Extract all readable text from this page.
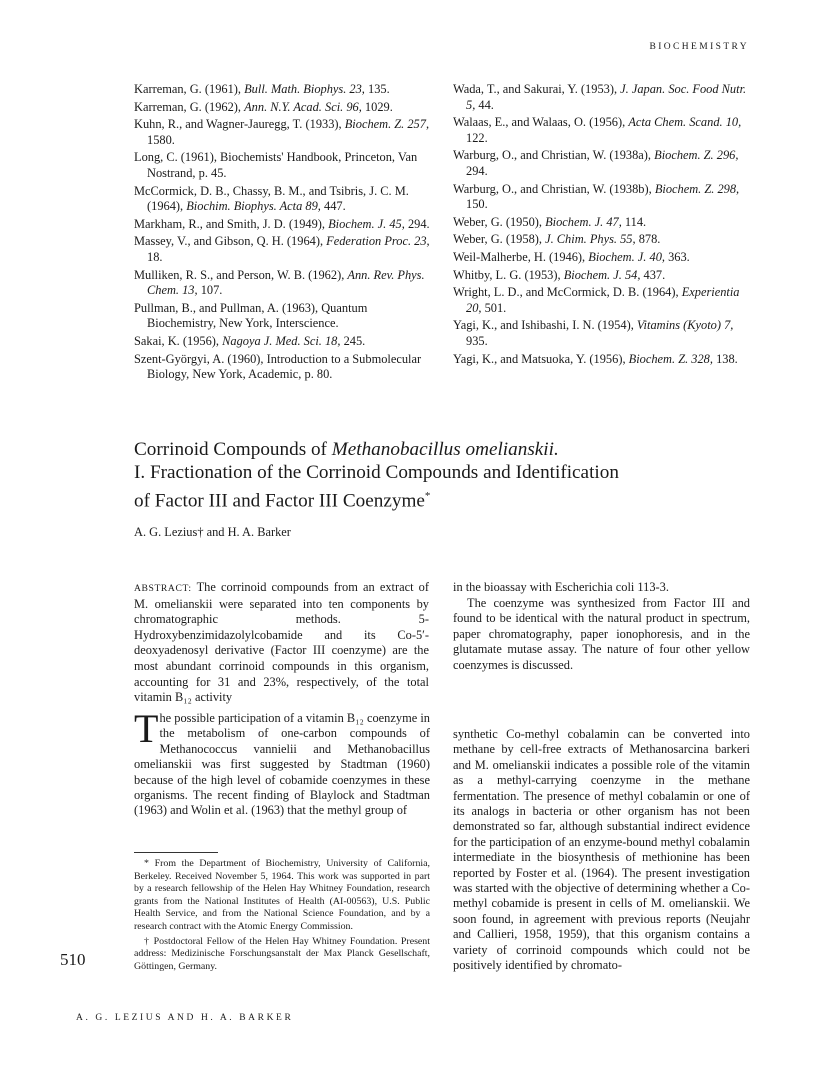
BIOCHEMISTRY

Karreman, G. (1961), Bull. Math. Biophys. 23, 135.

Karreman, G. (1962), Ann. N.Y. Acad. Sci. 96, 1029.

Kuhn, R., and Wagner-Jauregg, T. (1933), Biochem. Z. 257, 1580.

Long, C. (1961), Biochemists' Handbook, Princeton, Van Nostrand, p. 45.

McCormick, D. B., Chassy, B. M., and Tsibris, J. C. M. (1964), Biochim. Biophys. Acta 89, 447.

Markham, R., and Smith, J. D. (1949), Biochem. J. 45, 294.

Massey, V., and Gibson, Q. H. (1964), Federation Proc. 23, 18.

Mulliken, R. S., and Person, W. B. (1962), Ann. Rev. Phys. Chem. 13, 107.

Pullman, B., and Pullman, A. (1963), Quantum Biochemistry, New York, Interscience.

Sakai, K. (1956), Nagoya J. Med. Sci. 18, 245.

Szent-Györgyi, A. (1960), Introduction to a Submolecular Biology, New York, Academic, p. 80.

Wada, T., and Sakurai, Y. (1953), J. Japan. Soc. Food Nutr. 5, 44.

Walaas, E., and Walaas, O. (1956), Acta Chem. Scand. 10, 122.

Warburg, O., and Christian, W. (1938a), Biochem. Z. 296, 294.

Warburg, O., and Christian, W. (1938b), Biochem. Z. 298, 150.

Weber, G. (1950), Biochem. J. 47, 114.

Weber, G. (1958), J. Chim. Phys. 55, 878.

Weil-Malherbe, H. (1946), Biochem. J. 40, 363.

Whitby, L. G. (1953), Biochem. J. 54, 437.

Wright, L. D., and McCormick, D. B. (1964), Experientia 20, 501.

Yagi, K., and Ishibashi, I. N. (1954), Vitamins (Kyoto) 7, 935.

Yagi, K., and Matsuoka, Y. (1956), Biochem. Z. 328, 138.

Corrinoid Compounds of Methanobacillus omelianskii.
I. Fractionation of the Corrinoid Compounds and Identification
of Factor III and Factor III Coenzyme*
A. G. Lezius† and H. A. Barker
ABSTRACT: The corrinoid compounds from an extract of M. omelianskii were separated into ten components by chromatographic methods. 5-Hydroxybenzimidazolylcobamide and its Co-5′-deoxyadenosyl derivative (Factor III coenzyme) are the most abundant corrinoid compounds in this organism, accounting for 31 and 23%, respectively, of the total vitamin B₁₂ activity

in the bioassay with Escherichia coli 113-3.

The coenzyme was synthesized from Factor III and found to be identical with the natural product in spectrum, paper chromatography, paper ionophoresis, and in the glutamate mutase assay. The nature of four other yellow coenzymes is discussed.

T he possible participation of a vitamin B₁₂ coenzyme in the metabolism of one-carbon compounds of Methanococcus vannielii and Methanobacillus omelianskii was first suggested by Stadtman (1960) because of the high level of cobamide coenzymes in these organisms. The recent finding of Blaylock and Stadtman (1963) and Wolin et al. (1963) that the methyl group of
synthetic Co-methyl cobalamin can be converted into methane by cell-free extracts of Methanosarcina barkeri and M. omelianskii indicates a possible role of the vitamin as a methyl-carrying coenzyme in the methane fermentation. The presence of methyl cobalamin or one of its analogs in bacteria or other organism has not been demonstrated so far, although substantial indirect evidence for the participation of an enzyme-bound methyl cobalamin intermediate in the biosynthesis of methionine has been reported by Foster et al. (1964). The present investigation was started with the objective of determining whether a Co-methyl cobamide is present in cells of M. omelianskii. We soon found, in agreement with previous reports (Neujahr and Callieri, 1958, 1959), that this organism contains a variety of corrinoid compounds which could not be positively identified by chromato-

* From the Department of Biochemistry, University of California, Berkeley. Received November 5, 1964. This work was supported in part by a research fellowship of the Helen Hay Whitney Foundation, research grants from the National Institutes of Health (AI-00563), U.S. Public Health Service, and from the National Science Foundation, and by a research contract with the Atomic Energy Commission.

† Postdoctoral Fellow of the Helen Hay Whitney Foundation. Present address: Medizinische Forschungsanstalt der Max Planck Gesellschaft, Göttingen, Germany.

510
A. G. LEZIUS AND H. A. BARKER
